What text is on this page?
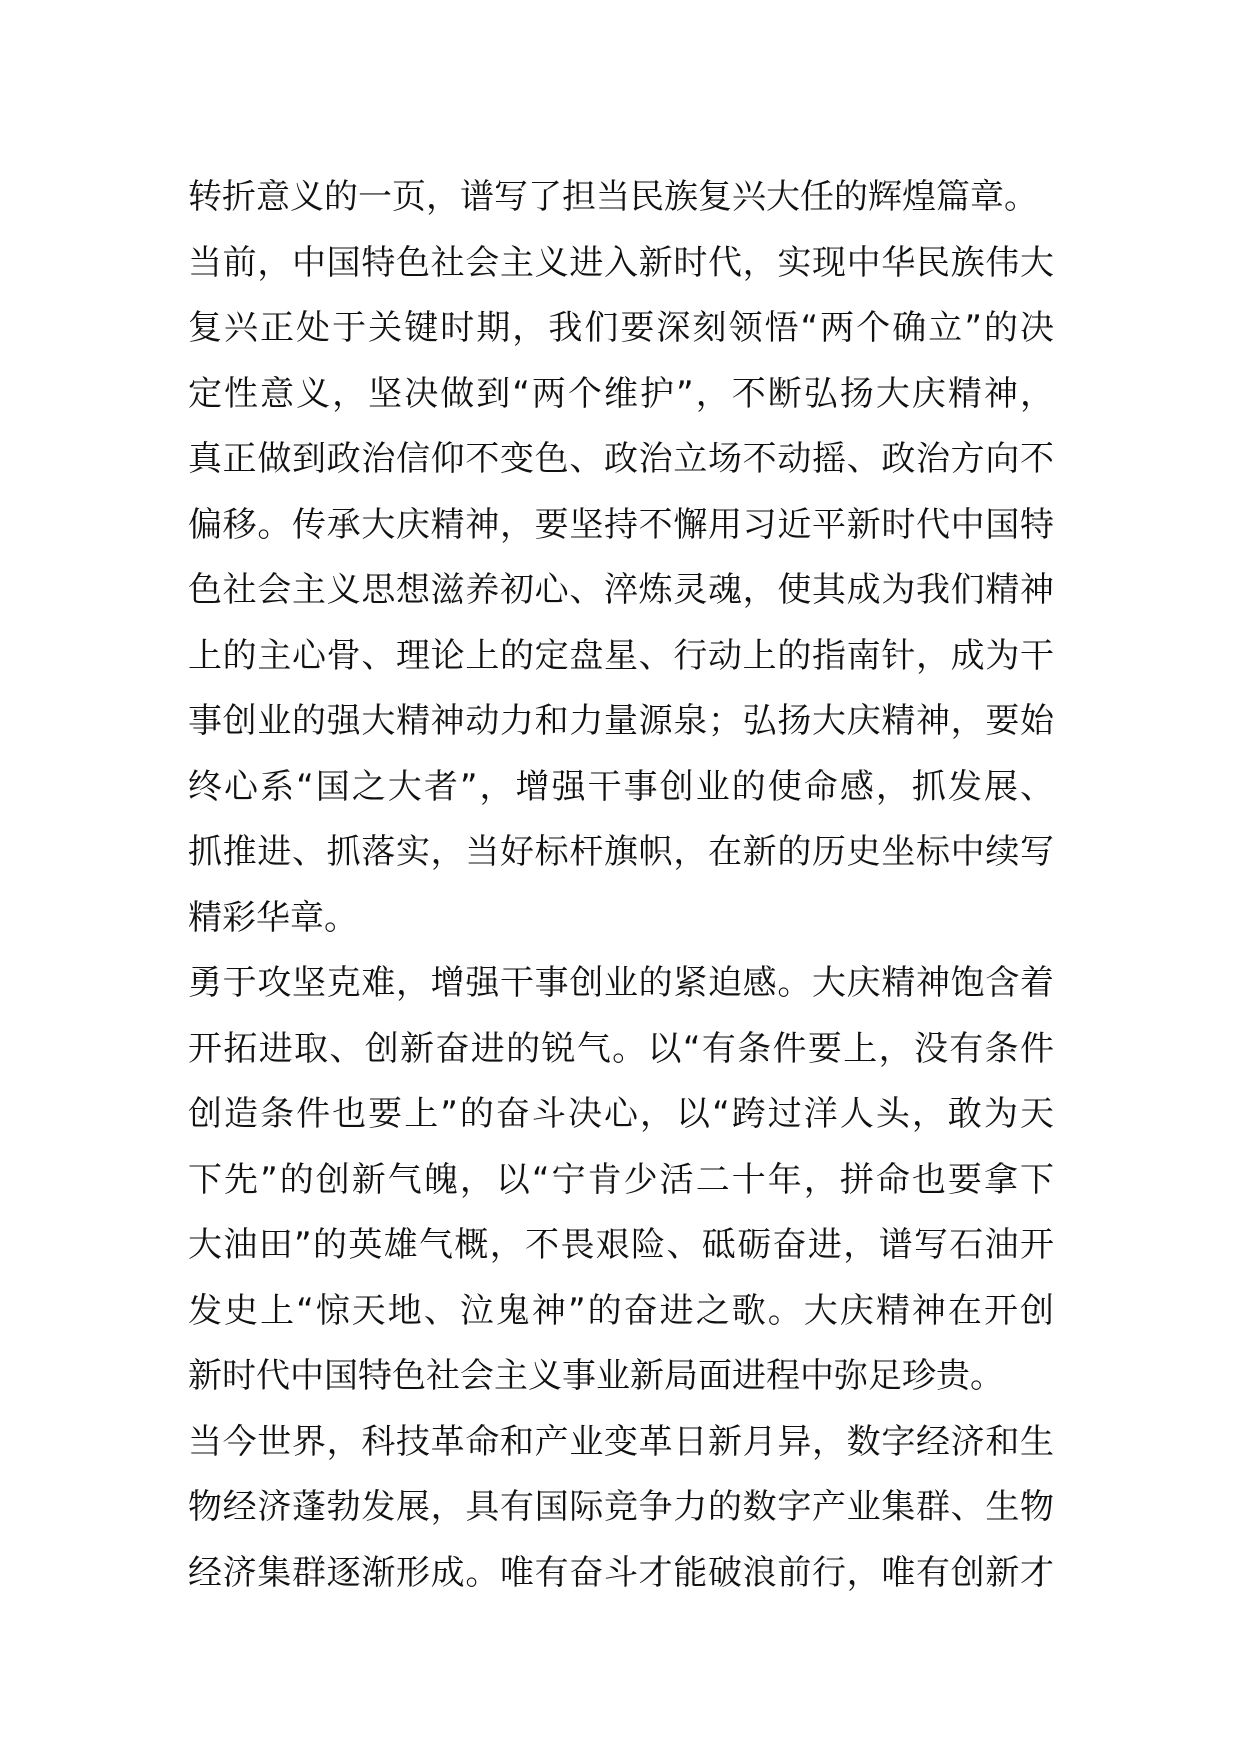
转折意义的一页，谱写了担当民族复兴大任的辉煌篇章。
当前，中国特色社会主义进入新时代，实现中华民族伟大
复兴正处于关键时期，我们要深刻领悟“两个确立”的决
定性意义，坚决做到“两个维护”，不断弘扬大庆精神，
真正做到政治信仰不变色、政治立场不动摇、政治方向不
偏移。传承大庆精神，要坚持不懈用习近平新时代中国特
色社会主义思想滋养初心、淬炼灵魂，使其成为我们精神
上的主心骨、理论上的定盘星、行动上的指南针，成为干
事创业的强大精神动力和力量源泉；弘扬大庆精神，要始
终心系“国之大者”，增强干事创业的使命感，抓发展、
抓推进、抓落实，当好标杆旗帜，在新的历史坐标中续写
精彩华章。
勇于攻坚克难，增强干事创业的紧迫感。大庆精神饱含着
开拓进取、创新奋进的锐气。以“有条件要上，没有条件
创造条件也要上”的奋斗决心，以“跨过洋人头，敢为天
下先”的创新气魄，以“宁肯少活二十年，拼命也要拿下
大油田”的英雄气概，不畏艰险、砥砺奋进，谱写石油开
发史上“惊天地、泣鬼神”的奋进之歌。大庆精神在开创
新时代中国特色社会主义事业新局面进程中弥足珍贵。
当今世界，科技革命和产业变革日新月异，数字经济和生
物经济蓬勃发展，具有国际竞争力的数字产业集群、生物
经济集群逐渐形成。唯有奋斗才能破浪前行，唯有创新才
